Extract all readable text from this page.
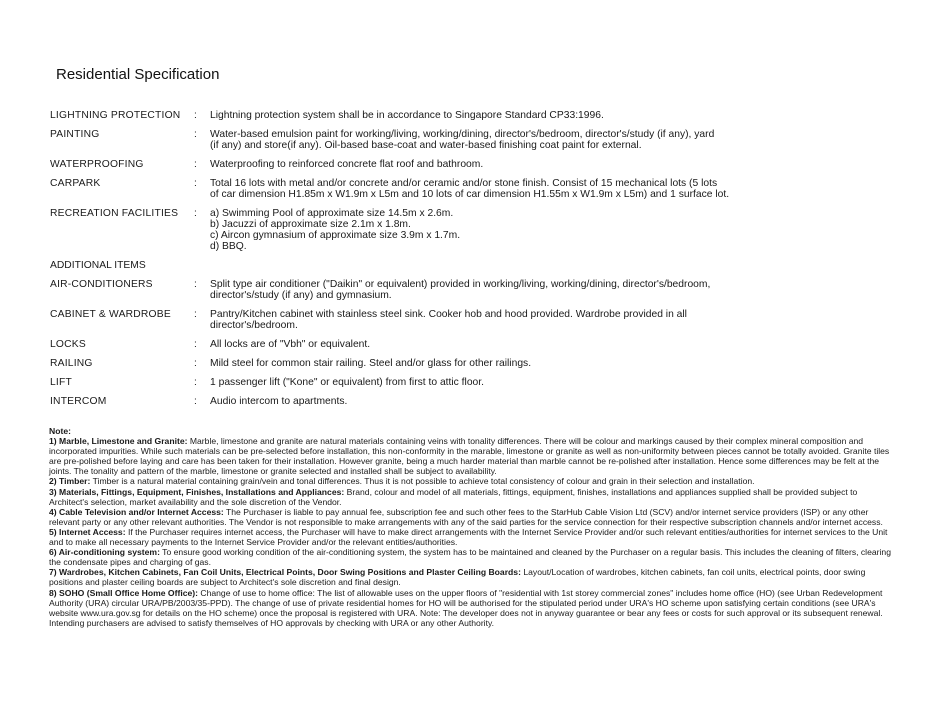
Residential Specification
LIGHTNING PROTECTION	:	Lightning protection system shall be in accordance to Singapore Standard CP33:1996.

PAINTING	:	Water-based emulsion paint for working/living, working/dining, director's/bedroom, director's/study (if any), yard
(if any) and store(if any). Oil-based base-coat and water-based finishing coat paint for external.

WATERPROOFING	:	Waterproofing to reinforced concrete flat roof and bathroom.

CARPARK	:	Total 16 lots with metal and/or concrete and/or ceramic and/or stone finish. Consist of 15 mechanical lots (5 lots
of car dimension H1.85m x W1.9m x L5m and 10 lots of car dimension H1.55m x W1.9m x L5m) and 1 surface lot.

RECREATION FACILITIES	:	a) Swimming Pool of approximate size 14.5m x 2.6m.
b) Jacuzzi of approximate size 2.1m x 1.8m.
c) Aircon gymnasium of approximate size 3.9m x 1.7m.
d) BBQ.

ADDITIONAL ITEMS		
AIR-CONDITIONERS	:	Split type air conditioner ("Daikin" or equivalent) provided in working/living, working/dining, director's/bedroom,
director's/study (if any) and gymnasium.

CABINET & WARDROBE	:	Pantry/Kitchen cabinet with stainless steel sink. Cooker hob and hood provided. Wardrobe provided in all
director's/bedroom.

LOCKS	:	All locks are of "Vbh" or equivalent.

RAILING	:	Mild steel for common stair railing. Steel and/or glass for other railings.

LIFT	:	1 passenger lift ("Kone" or equivalent) from first to attic floor.

INTERCOM	:	Audio intercom to apartments.
Note:
1) Marble, Limestone and Granite: Marble, limestone and granite are natural materials containing veins with tonality differences. There will be colour and markings caused by their complex mineral composition and incorporated impurities. While such materials can be pre-selected before installation, this non-conformity in the marable, limestone or granite as well as non-uniformity between pieces cannot be totally avoided. Granite tiles are pre-polished before laying and care has been taken for their installation. However granite, being a much harder material than marble cannot be re-polished after installation. Hence some differences may be felt at the joints. The tonality and pattern of the marble, limestone or granite selected and installed shall be subject to availability.
2) Timber: Timber is a natural material containing grain/vein and tonal differences. Thus it is not possible to achieve total consistency of colour and grain in their selection and installation.
3) Materials, Fittings, Equipment, Finishes, Installations and Appliances: Brand, colour and model of all materials, fittings, equipment, finishes, installations and appliances supplied shall be provided subject to Architect's selection, market availability and the sole discretion of the Vendor.
4) Cable Television and/or Internet Access: The Purchaser is liable to pay annual fee, subscription fee and such other fees to the StarHub Cable Vision Ltd (SCV) and/or internet service providers (ISP) or any other relevant party or any other relevant authorities. The Vendor is not responsible to make arrangements with any of the said parties for the service connection for their respective subscription channels and/or internet access.
5) Internet Access: If the Purchaser requires internet access, the Purchaser will have to make direct arrangements with the Internet Service Provider and/or such relevant entities/authorities for internet services to the Unit and to make all necessary payments to the Internet Service Provider and/or the relevant entities/authorities.
6) Air-conditioning system: To ensure good working condition of the air-conditioning system, the system has to be maintained and cleaned by the Purchaser on a regular basis. This includes the cleaning of filters, clearing the condensate pipes and charging of gas.
7) Wardrobes, Kitchen Cabinets, Fan Coil Units, Electrical Points, Door Swing Positions and Plaster Ceiling Boards: Layout/Location of wardrobes, kitchen cabinets, fan coil units, electrical points, door swing positions and plaster ceiling boards are subject to Architect's sole discretion and final design.
8) SOHO (Small Office Home Office): Change of use to home office: The list of allowable uses on the upper floors of "residential with 1st storey commercial zones" includes home office (HO) (see Urban Redevelopment Authority (URA) circular URA/PB/2003/35-PPD). The change of use of private residential homes for HO will be authorised for the stipulated period under URA's HO scheme upon satisfying certain conditions (see URA's website www.ura.gov.sg for details on the HO scheme) once the proposal is registered with URA. Note: The developer does not in anyway guarantee or bear any fees or costs for such approval or its subsequent renewal. Intending purchasers are advised to satisfy themselves of HO approvals by checking with URA or any other Authority.
